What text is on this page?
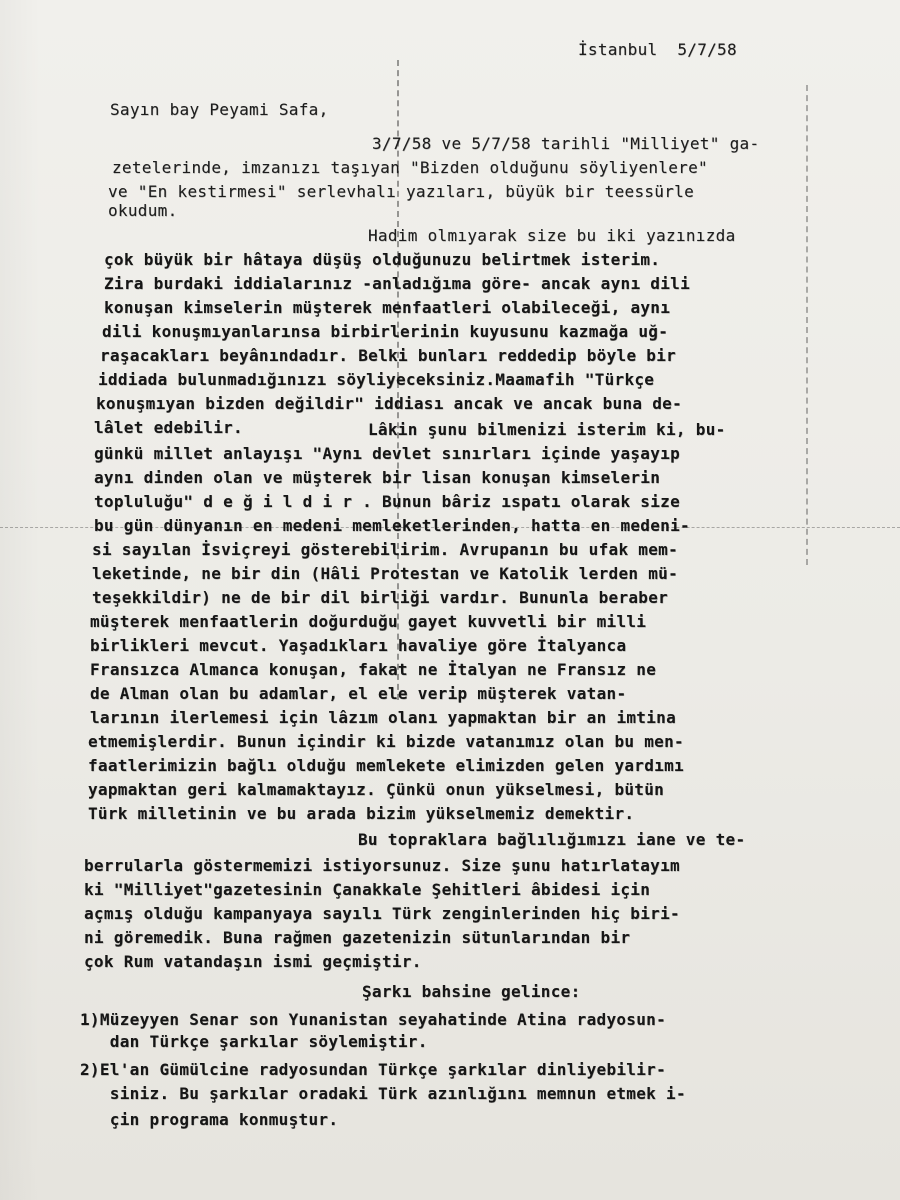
İstanbul  5/7/58

Sayın bay Peyami Safa,

3/7/58 ve 5/7/58 tarihli "Milliyet" ga-

zetelerinde, imzanızı taşıyan "Bizden olduğunu söyliyenlere"

ve "En kestirmesi" serlevhalı yazıları, büyük bir teessürle

okudum.

Hadim olmıyarak size bu iki yazınızda

çok büyük bir hâtaya düşüş olduğunuzu belirtmek isterim.

Zira burdaki iddialarınız -anladığıma göre- ancak aynı dili

konuşan kimselerin müşterek menfaatleri olabileceği, aynı

dili konuşmıyanlarınsa birbirlerinin kuyusunu kazmağa uğ-

raşacakları beyânındadır. Belki bunları reddedip böyle bir

iddiada bulunmadığınızı söyliyeceksiniz.Maamafih "Türkçe

konuşmıyan bizden değildir" iddiası ancak ve ancak buna de-

lâlet edebilir.	Lâkin şunu bilmenizi isterim ki, bu-

günkü millet anlayışı "Aynı devlet sınırları içinde yaşayıp

aynı dinden olan ve müşterek bir lisan konuşan kimselerin

topluluğu" d e ğ i l d i r . Bunun bâriz ıspatı olarak size

bu gün dünyanın en medeni memleketlerinden, hatta en medeni-

si sayılan İsviçreyi gösterebilirim. Avrupanın bu ufak mem-

leketinde, ne bir din (Hâli Protestan ve Katolik lerden mü-

teşekkildir) ne de bir dil birliği vardır. Bununla beraber

müşterek menfaatlerin doğurduğu gayet kuvvetli bir milli

birlikleri mevcut. Yaşadıkları havaliye göre İtalyanca

Fransızca Almanca konuşan, fakat ne İtalyan ne Fransız ne

de Alman olan bu adamlar, el ele verip müşterek vatan-

larının ilerlemesi için lâzım olanı yapmaktan bir an imtina

etmemişlerdir. Bunun içindir ki bizde vatanımız olan bu men-

faatlerimizin bağlı olduğu memlekete elimizden gelen yardımı

yapmaktan geri kalmamaktayız. Çünkü onun yükselmesi, bütün

Türk milletinin ve bu arada bizim yükselmemiz demektir.

Bu topraklara bağlılığımızı iane ve te-

berrularla göstermemizi istiyorsunuz. Size şunu hatırlatayım

ki "Milliyet"gazetesinin Çanakkale Şehitleri âbidesi için

açmış olduğu kampanyaya sayılı Türk zenginlerinden hiç biri-

ni göremedik. Buna rağmen gazetenizin sütunlarından bir

çok Rum vatandaşın ismi geçmiştir.

Şarkı bahsine gelince:

1)Müzeyyen Senar son Yunanistan seyahatinde Atina radyosun-

dan Türkçe şarkılar söylemiştir.

2)El'an Gümülcine radyosundan Türkçe şarkılar dinliyebilir-

siniz. Bu şarkılar oradaki Türk azınlığını memnun etmek i-

çin programa konmuştur.
